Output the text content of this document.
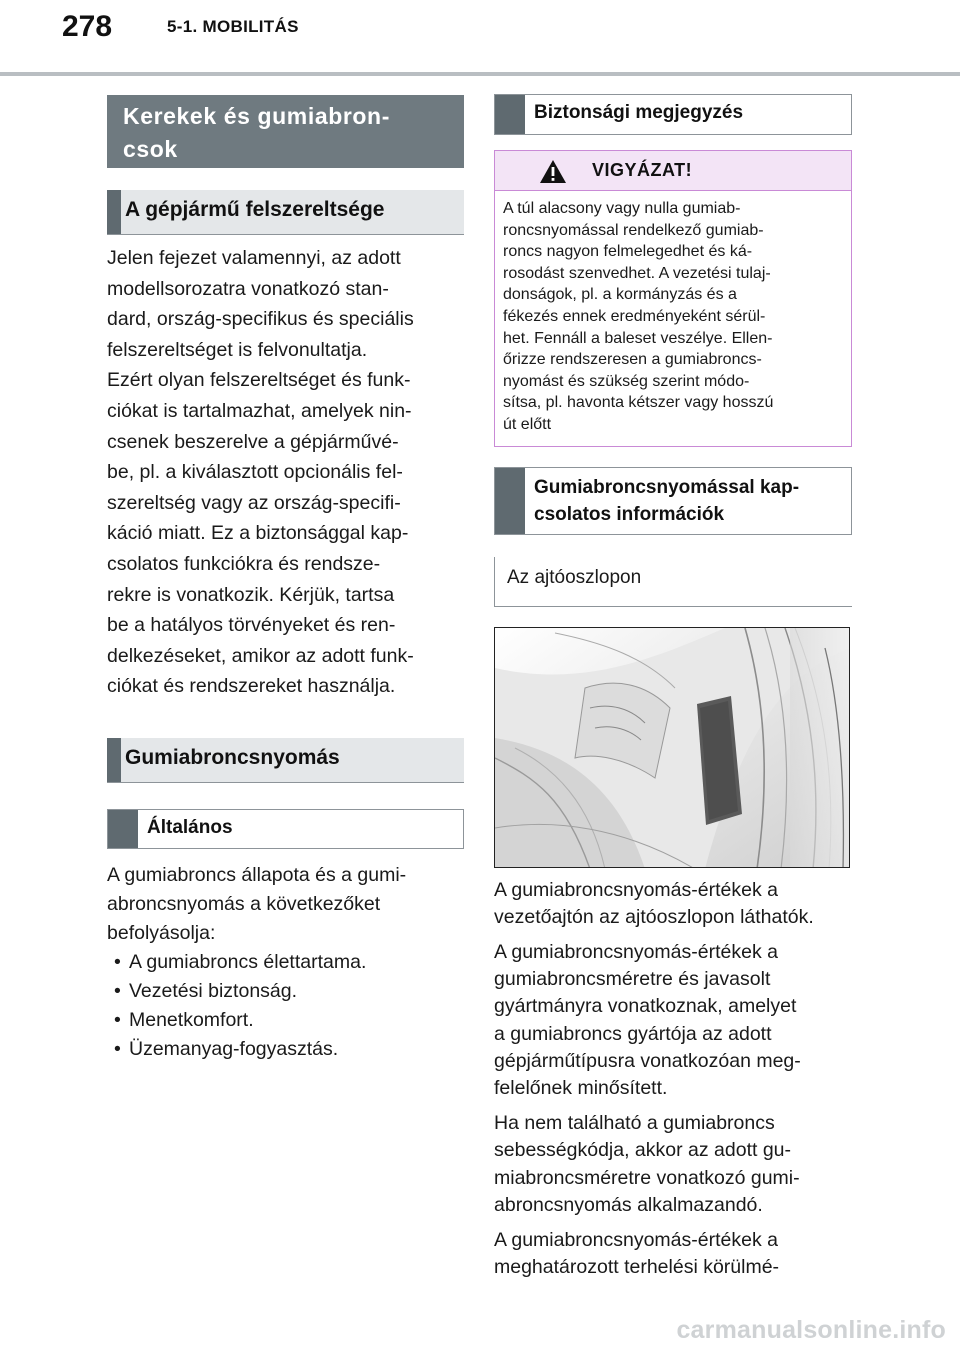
278	5-1. MOBILITÁS
Kerekek és gumiabron-
csok
A gépjármű felszereltsége
Jelen fejezet valamennyi, az adott
modellsorozatra vonatkozó stan-
dard, ország-specifikus és speciális
felszereltséget is felvonultatja.
Ezért olyan felszereltséget és funk-
ciókat is tartalmazhat, amelyek nin-
csenek beszerelve a gépjárművé-
be, pl. a kiválasztott opcionális fel-
szereltség vagy az ország-specifi-
káció miatt. Ez a biztonsággal kap-
csolatos funkciókra és rendsze-
rekre is vonatkozik. Kérjük, tartsa
be a hatályos törvényeket és ren-
delkezéseket, amikor az adott funk-
ciókat és rendszereket használja.
Gumiabroncsnyomás
Általános
A gumiabroncs állapota és a gumi-
abroncsnyomás a következőket
befolyásolja:
• A gumiabroncs élettartama.
• Vezetési biztonság.
• Menetkomfort.
• Üzemanyag-fogyasztás.
Biztonsági megjegyzés
VIGYÁZAT!
A túl alacsony vagy nulla gumiab-
roncsnyomással rendelkező gumiab-
roncs nagyon felmelegedhet és ká-
rosodást szenvedhet. A vezetési tulaj-
donságok, pl. a kormányzás és a
fékezés ennek eredményeként sérül-
het. Fennáll a baleset veszélye. Ellen-
őrizze rendszeresen a gumiabroncs-
nyomást és szükség szerint módo-
sítsa, pl. havonta kétszer vagy hosszú
út előtt
Gumiabroncsnyomással kap-
csolatos információk
Az ajtóoszlopon
A gumiabroncsnyomás-értékek a
vezetőajtón az ajtóoszlopon láthatók.
A gumiabroncsnyomás-értékek a
gumiabroncsméretre és javasolt
gyártmányra vonatkoznak, amelyet
a gumiabroncs gyártója az adott
gépjárműtípusra vonatkozóan meg-
felelőnek minősített.
Ha nem található a gumiabroncs
sebességkódja, akkor az adott gu-
miabroncsméretre vonatkozó gumi-
abroncsnyomás alkalmazandó.
A gumiabroncsnyomás-értékek a
meghatározott terhelési körülmé-
carmanualsonline.info
